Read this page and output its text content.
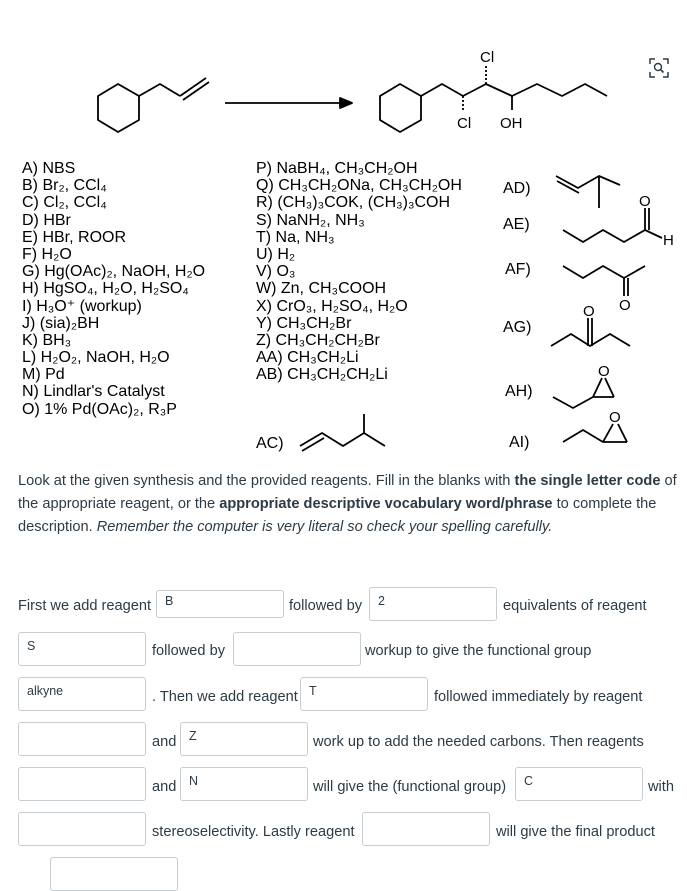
Cl
Cl OH
O
H
O
O
O
O
A) NBS
B) Br₂, CCl₄
C) Cl₂, CCl₄
D) HBr
E) HBr, ROOR
F) H₂O
G) Hg(OAc)₂, NaOH, H₂O
H) HgSO₄, H₂O, H₂SO₄
I) H₃O⁺ (workup)
J) (sia)₂BH
K) BH₃
L) H₂O₂, NaOH, H₂O
M) Pd
N) Lindlar's Catalyst
O) 1% Pd(OAc)₂, R₃P
P) NaBH₄, CH₃CH₂OH
Q) CH₃CH₂ONa, CH₃CH₂OH
R) (CH₃)₃COK, (CH₃)₃COH
S) NaNH₂, NH₃
T) Na, NH₃
U) H₂
V) O₃
W) Zn, CH₃COOH
X) CrO₃, H₂SO₄, H₂O
Y) CH₃CH₂Br
Z) CH₃CH₂CH₂Br
AA) CH₃CH₂Li
AB) CH₃CH₂CH₂Li
AC)
AD)
AE)
AF)
AG)
AH)
AI)
Look at the given synthesis and the provided reagents. Fill in the blanks with the single letter code of the appropriate reagent, or the appropriate descriptive vocabulary word/phrase to complete the description. Remember the computer is very literal so check your spelling carefully.
First we add reagent	B	followed by	2	equivalents of reagent
S	followed by	workup to give the functional group
alkyne	. Then we add reagent T	followed immediately by reagent
and	Z	work up to add the needed carbons. Then reagents
and	N	will give the (functional group)	C	with
stereoselectivity. Lastly reagent	will give the final product
